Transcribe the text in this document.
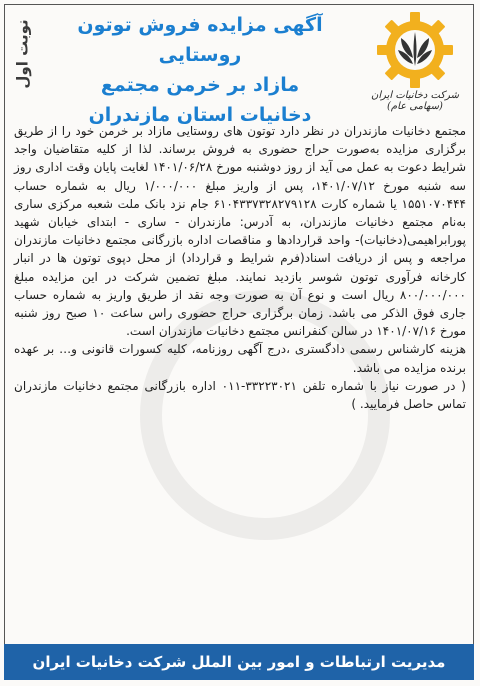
نوبت اول	آگهی مزایده فروش توتون روستایی
مازاد بر خرمن مجتمع
دخانیات استان مازندران
شرکت دخانیات ایران (سهامی عام)

مجتمع دخانیات مازندران در نظر دارد توتون های روستایی مازاد بر خرمن خود را از طریق برگزاری مزایده به‌صورت حراج حضوری به فروش برساند. لذا از کلیه متقاضیان واجد شرایط دعوت به عمل می آید از روز دوشنبه مورخ ۱۴۰۱/۰۶/۲۸ لغایت پایان وقت اداری روز سه شنبه مورخ ۱۴۰۱/۰۷/۱۲، پس از واریز مبلغ ۱/۰۰۰/۰۰۰ ریال به شماره حساب ۱۵۵۱۰۷۰۴۴۴ یا شماره کارت ۶۱۰۴۳۳۷۳۲۸۲۷۹۱۲۸ جام نزد بانک ملت شعبه مرکزی ساری به‌نام مجتمع دخانیات مازندران، به آدرس: مازندران - ساری - ابتدای خیابان شهید پورابراهیمی(دخانیات)- واحد قراردادها و مناقصات اداره بازرگانی مجتمع دخانیات مازندران مراجعه و پس از دریافت اسناد(فرم شرایط و قرارداد) از محل دپوی توتون ها در انبار کارخانه فرآوری توتون شوسر بازدید نمایند. مبلغ تضمین شرکت در این مزایده مبلغ ۸۰۰/۰۰۰/۰۰۰ ریال است و نوع آن به صورت وجه نقد از طریق واریز به شماره حساب جاری فوق الذکر می باشد. زمان برگزاری حراج حضوری راس ساعت ۱۰ صبح روز شنبه مورخ ۱۴۰۱/۰۷/۱۶ در سالن کنفرانس مجتمع دخانیات مازندران است.

هزینه کارشناس رسمی دادگستری ،درج آگهی روزنامه، کلیه کسورات قانونی و… بر عهده برنده مزایده می باشد.

( در صورت نیاز با شماره تلفن ۳۳۲۲۳۰۲۱-۰۱۱ اداره بازرگانی مجتمع دخانیات مازندران تماس حاصل فرمایید. )

مدیریت ارتباطات و امور بین الملل شرکت دخانیات ایران
